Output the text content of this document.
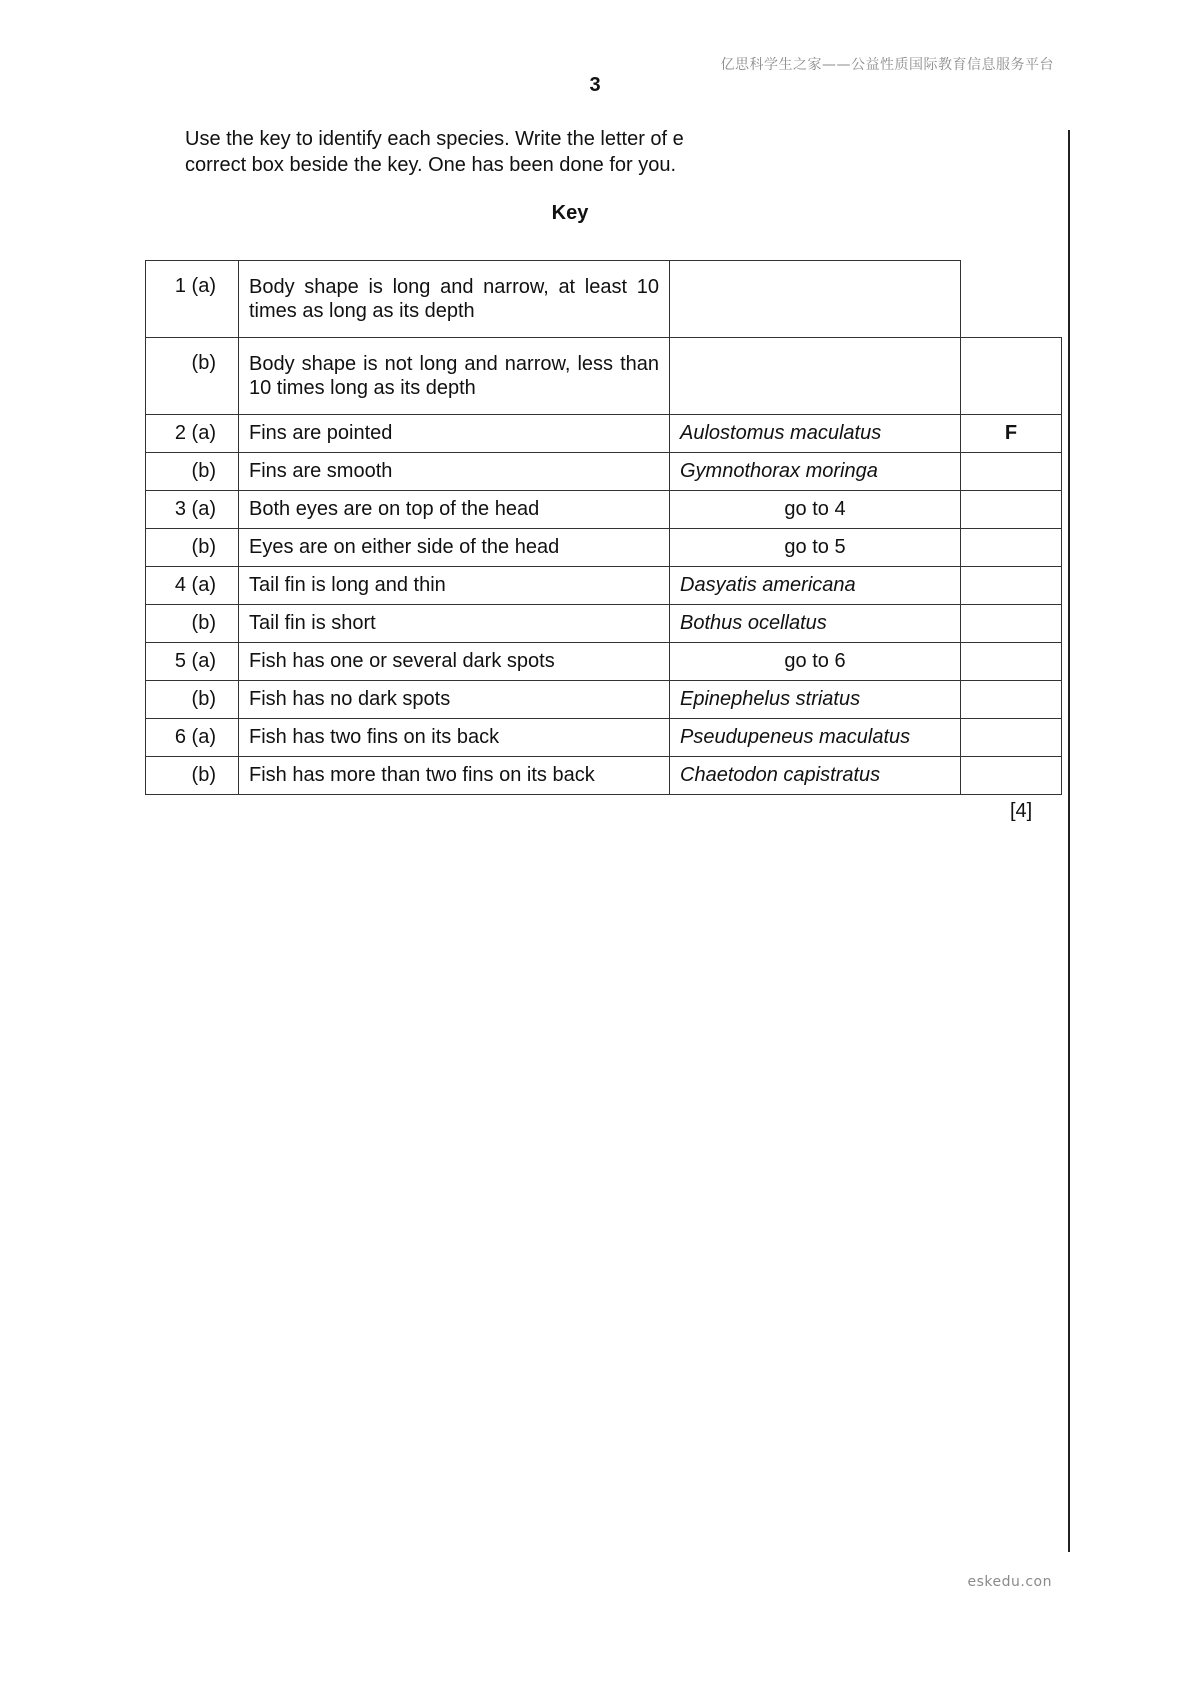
亿思科学生之家——公益性质国际教育信息服务平台
3

Use the key to identify each species. Write the letter of e

correct box beside the key. One has been done for you.

Key
1 (a)	Body shape is long and narrow, at least 10 times as long as its depth		

(b)	Body shape is not long and narrow, less than 10 times long as its depth		

2 (a)	Fins are pointed	Aulostomus maculatus	F
(b)	Fins are smooth	Gymnothorax moringa	
3 (a)	Both eyes are on top of the head	go to 4	
(b)	Eyes are on either side of the head	go to 5	
4 (a)	Tail fin is long and thin	Dasyatis americana	
(b)	Tail fin is short	Bothus ocellatus	
5 (a)	Fish has one or several dark spots	go to 6	
(b)	Fish has no dark spots	Epinephelus striatus	
6 (a)	Fish has two fins on its back	Pseudupeneus maculatus	
(b)	Fish has more than two fins on its back	Chaetodon capistratus	
[4]
eskedu.con
